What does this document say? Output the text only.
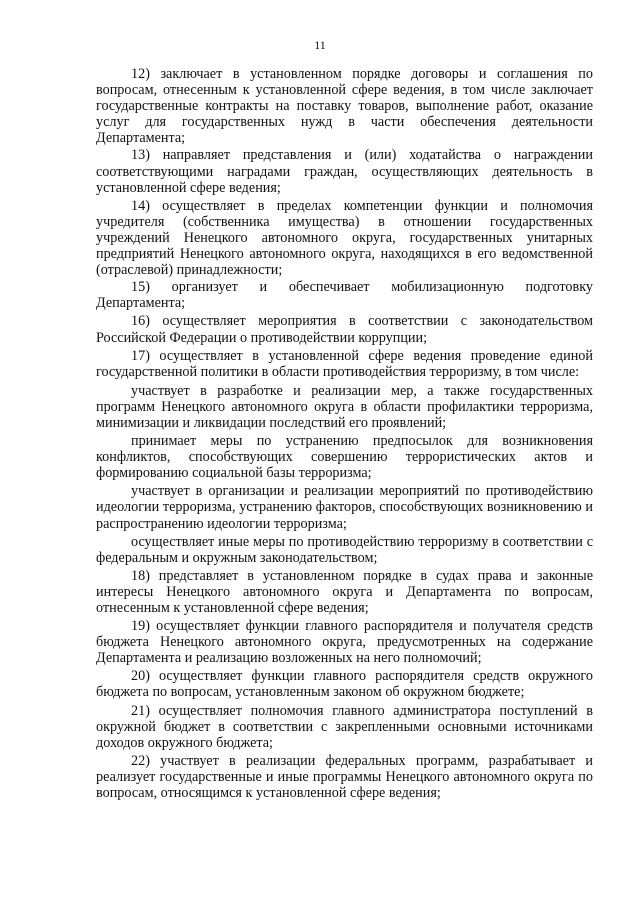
11

12) заключает в установленном порядке договоры и соглашения по вопросам, отнесенным к установленной сфере ведения, в том числе заключает государственные контракты на поставку товаров, выполнение работ, оказание услуг для государственных нужд в части обеспечения деятельности Департамента;

13) направляет представления и (или) ходатайства о награждении соответствующими наградами граждан, осуществляющих деятельность в установленной сфере ведения;

14) осуществляет в пределах компетенции функции и полномочия учредителя (собственника имущества) в отношении государственных учреждений Ненецкого автономного округа, государственных унитарных предприятий Ненецкого автономного округа, находящихся в его ведомственной (отраслевой) принадлежности;

15) организует и обеспечивает мобилизационную подготовку Департамента;

16) осуществляет мероприятия в соответствии с законодательством Российской Федерации о противодействии коррупции;

17) осуществляет в установленной сфере ведения проведение единой государственной политики в области противодействия терроризму, в том числе:

участвует в разработке и реализации мер, а также государственных программ Ненецкого автономного округа в области профилактики терроризма, минимизации и ликвидации последствий его проявлений;

принимает меры по устранению предпосылок для возникновения конфликтов, способствующих совершению террористических актов и формированию социальной базы терроризма;

участвует в организации и реализации мероприятий по противодействию идеологии терроризма, устранению факторов, способствующих возникновению и распространению идеологии терроризма;

осуществляет иные меры по противодействию терроризму в соответствии с федеральным и окружным законодательством;

18) представляет в установленном порядке в судах права и законные интересы Ненецкого автономного округа и Департамента по вопросам, отнесенным к установленной сфере ведения;

19) осуществляет функции главного распорядителя и получателя средств бюджета Ненецкого автономного округа, предусмотренных на содержание Департамента и реализацию возложенных на него полномочий;

20) осуществляет функции главного распорядителя средств окружного бюджета по вопросам, установленным законом об окружном бюджете;

21) осуществляет полномочия главного администратора поступлений в окружной бюджет в соответствии с закрепленными основными источниками доходов окружного бюджета;

22) участвует в реализации федеральных программ, разрабатывает и реализует государственные и иные программы Ненецкого автономного округа по вопросам, относящимся к установленной сфере ведения;
